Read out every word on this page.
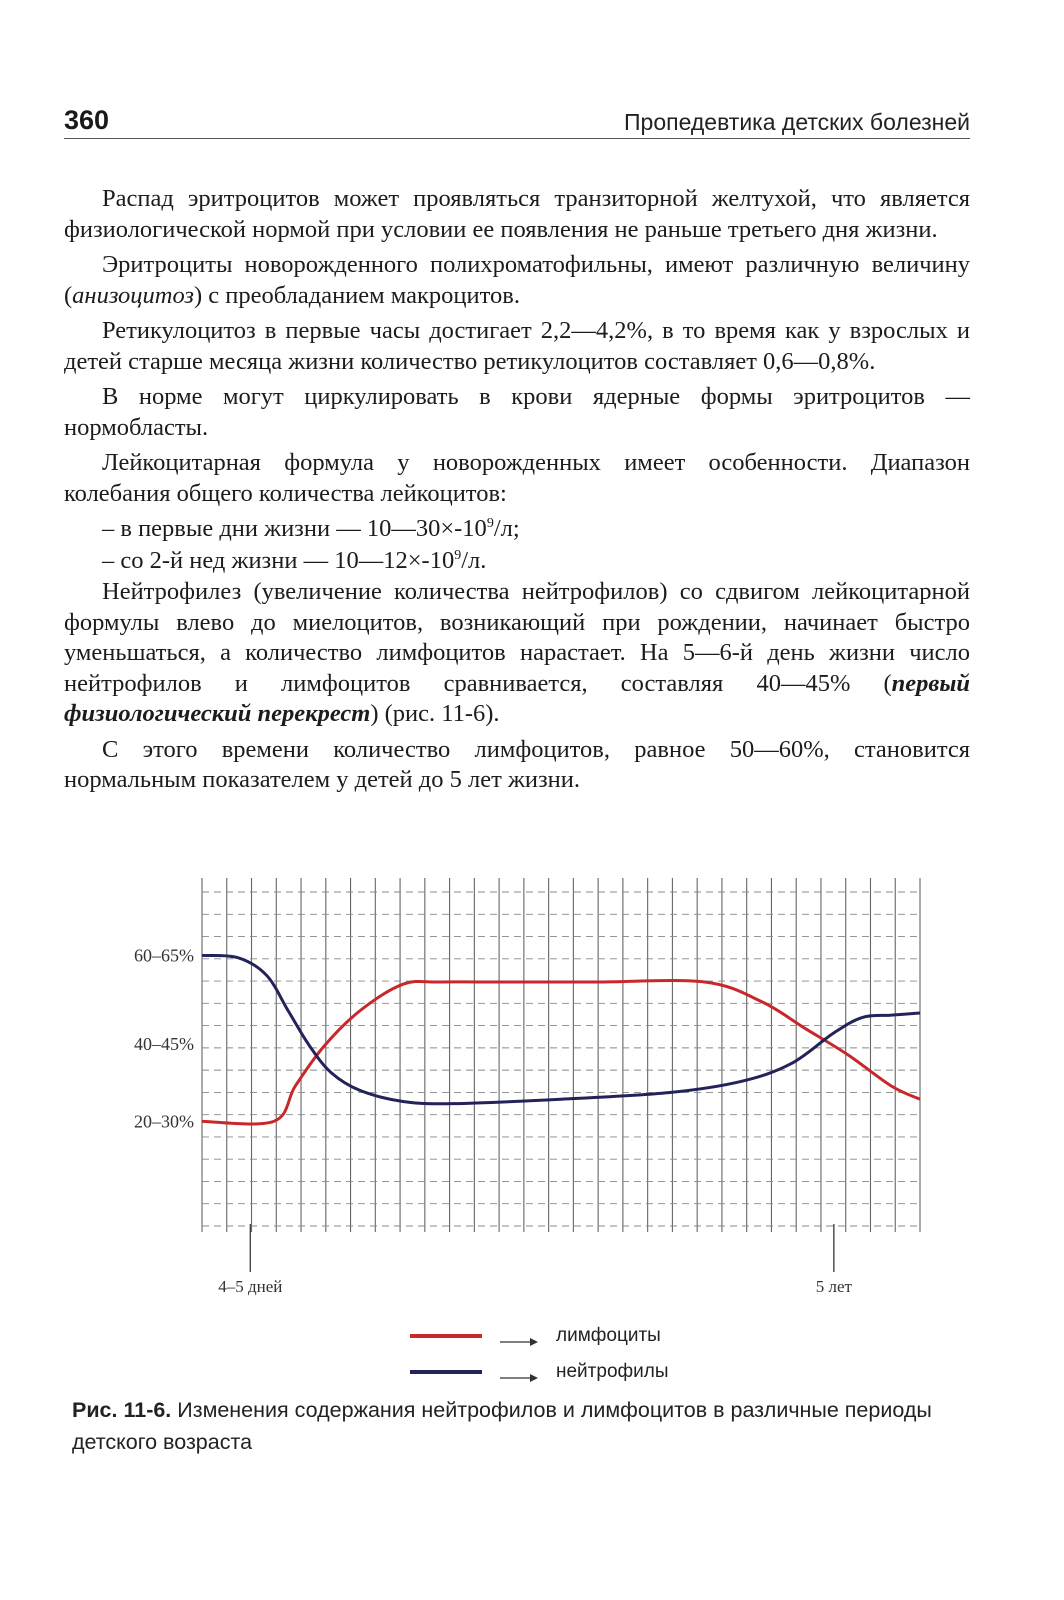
360	Пропедевтика детских болезней

Распад эритроцитов может проявляться транзиторной желтухой, что является физиологической нормой при условии ее появления не раньше третьего дня жизни.

Эритроциты новорожденного полихроматофильны, имеют различную величину (анизоцитоз) с преобладанием макроцитов.

Ретикулоцитоз в первые часы достигает 2,2—4,2%, в то время как у взрослых и детей старше месяца жизни количество ретикулоцитов составляет 0,6—0,8%.

В норме могут циркулировать в крови ядерные формы эритроцитов — нормобласты.

Лейкоцитарная формула у новорожденных имеет особенности. Диапазон колебания общего количества лейкоцитов:

– в первые дни жизни — $10—30\times-10^9/л$;

– со 2-й нед жизни — $10—12\times-10^9/л$.

Нейтрофилез (увеличение количества нейтрофилов) со сдвигом лейкоцитарной формулы влево до миелоцитов, возникающий при рождении, начинает быстро уменьшаться, а количество лимфоцитов нарастает. На 5—6-й день жизни число нейтрофилов и лимфоцитов сравнивается, составляя 40—45% (первый физиологический перекрест) (рис. 11-6).

С этого времени количество лимфоцитов, равное 50—60%, становится нормальным показателем у детей до 5 лет жизни.

60–65%
40–45%
20–30%
4–5 дней	5 лет
лимфоциты
нейтрофилы
Рис. 11-6. Изменения содержания нейтрофилов и лимфоцитов в различные периоды детского возраста
